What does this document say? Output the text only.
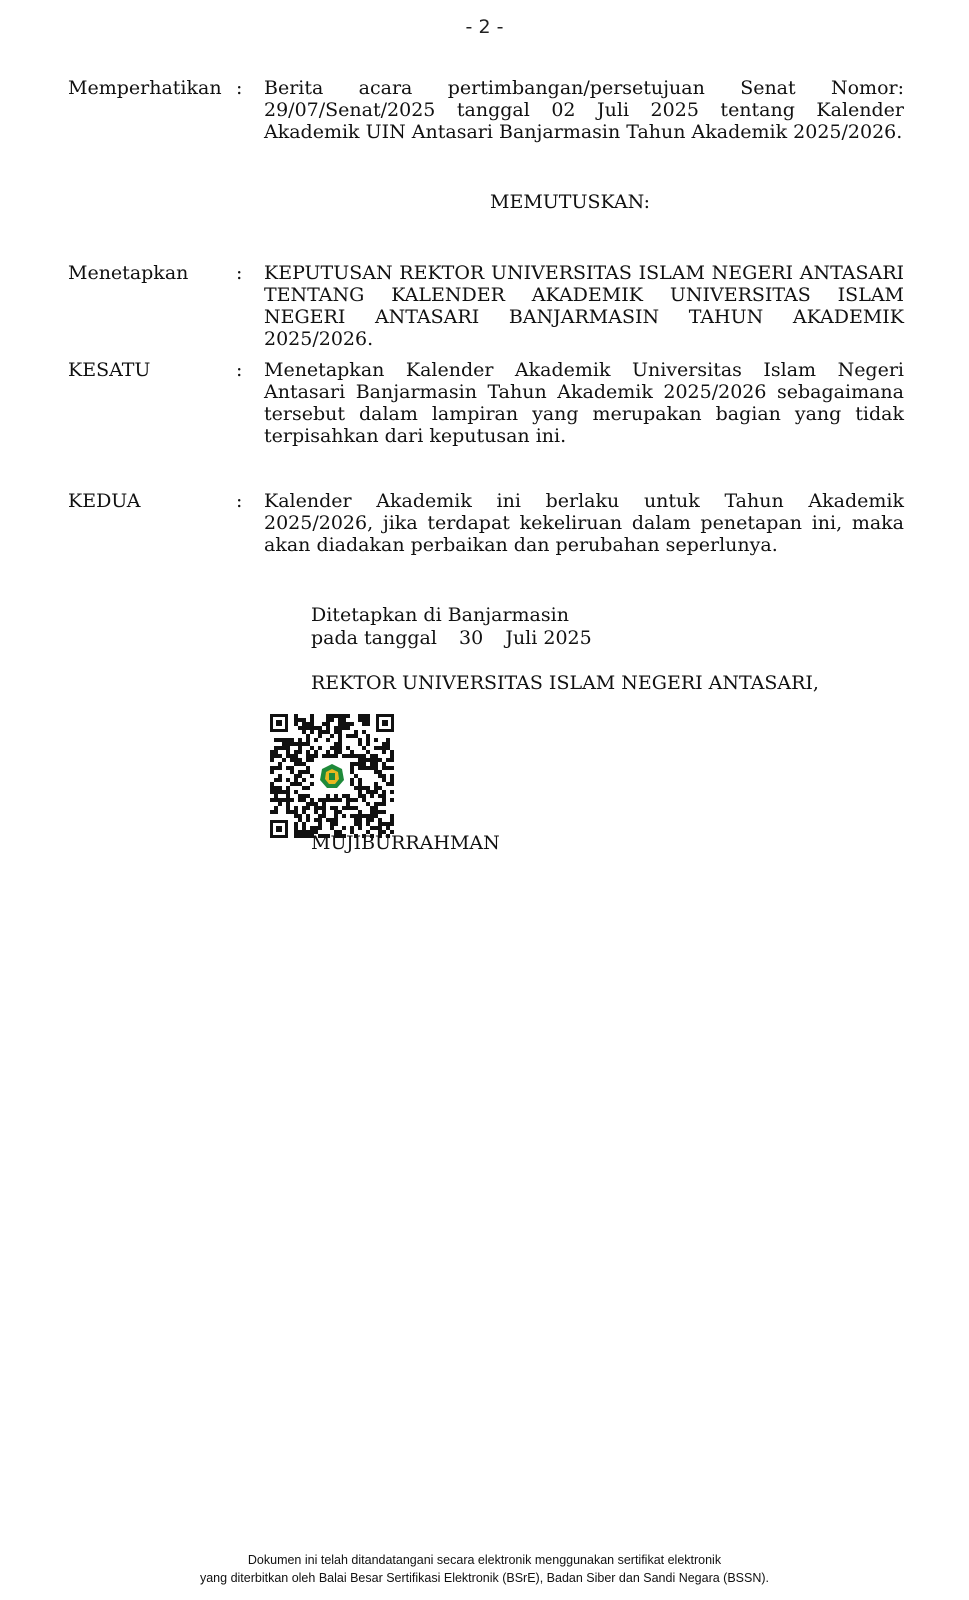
- 2 -
Memperhatikan : Berita acara pertimbangan/persetujuan Senat Nomor: 29/07/Senat/2025 tanggal 02 Juli 2025 tentang Kalender Akademik UIN Antasari Banjarmasin Tahun Akademik 2025/2026.
MEMUTUSKAN:
Menetapkan	: KEPUTUSAN REKTOR UNIVERSITAS ISLAM NEGERI ANTASARI TENTANG KALENDER AKADEMIK UNIVERSITAS ISLAM NEGERI ANTASARI BANJARMASIN TAHUN AKADEMIK 2025/2026.
KESATU	: Menetapkan Kalender Akademik Universitas Islam Negeri Antasari Banjarmasin Tahun Akademik 2025/2026 sebagaimana tersebut dalam lampiran yang merupakan bagian yang tidak terpisahkan dari keputusan ini.
KEDUA	: Kalender Akademik ini berlaku untuk Tahun Akademik 2025/2026, jika terdapat kekeliruan dalam penetapan ini, maka akan diadakan perbaikan dan perubahan seperlunya.
Ditetapkan di Banjarmasin
pada tanggal 30 Juli 2025
REKTOR UNIVERSITAS ISLAM NEGERI ANTASARI,
MUJIBURRAHMAN
Dokumen ini telah ditandatangani secara elektronik menggunakan sertifikat elektronik
yang diterbitkan oleh Balai Besar Sertifikasi Elektronik (BSrE), Badan Siber dan Sandi Negara (BSSN).
